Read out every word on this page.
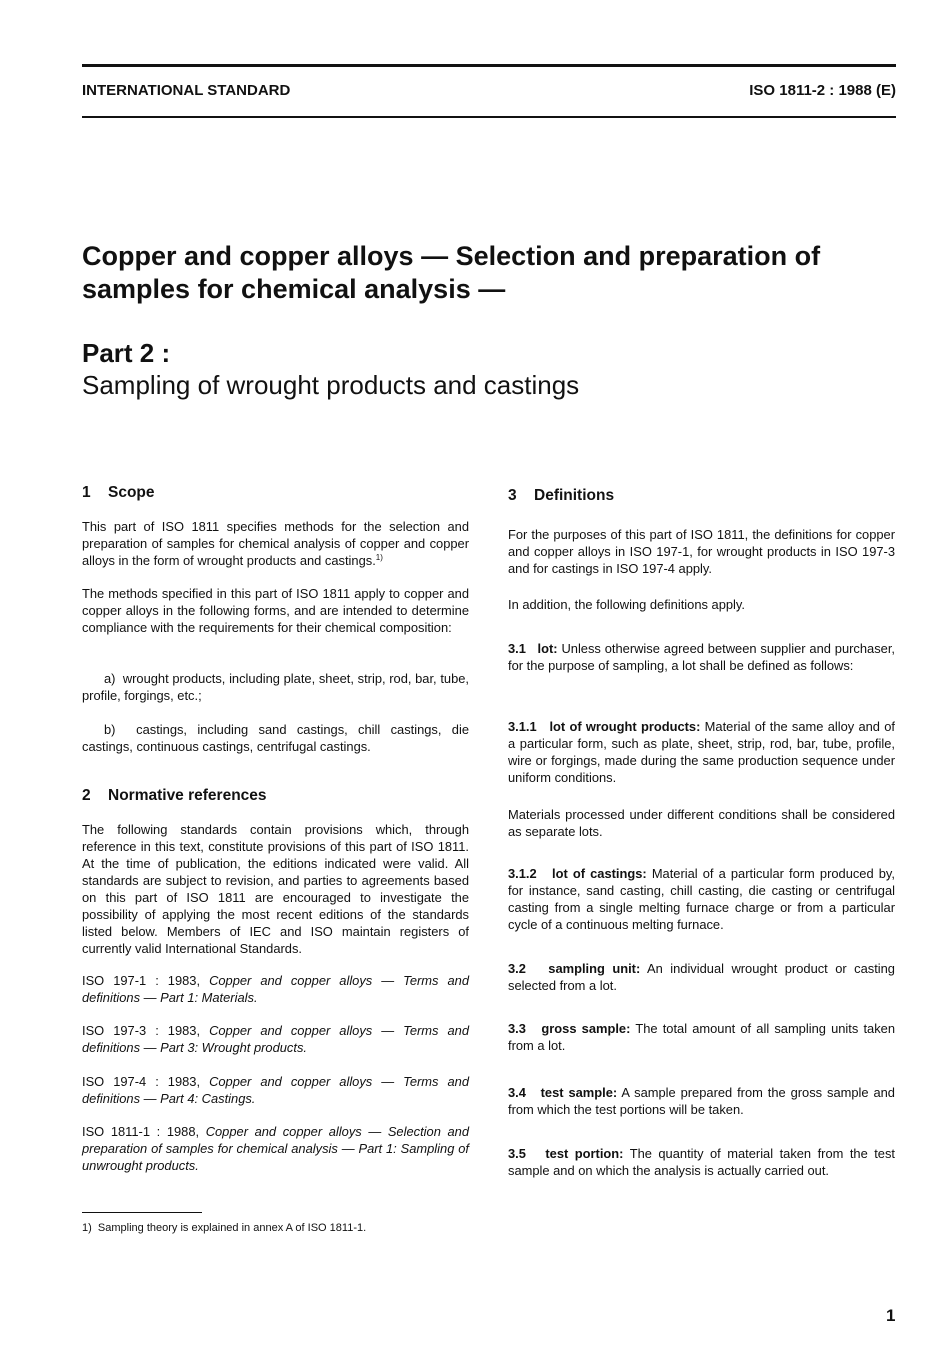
INTERNATIONAL STANDARD	ISO 1811-2 : 1988 (E)
Copper and copper alloys — Selection and preparation of samples for chemical analysis —
Part 2 :
Sampling of wrought products and castings
1 Scope
This part of ISO 1811 specifies methods for the selection and preparation of samples for chemical analysis of copper and copper alloys in the form of wrought products and castings.$^{1)}$
The methods specified in this part of ISO 1811 apply to copper and copper alloys in the following forms, and are intended to determine compliance with the requirements for their chemical composition:
a) wrought products, including plate, sheet, strip, rod, bar, tube, profile, forgings, etc.;
b) castings, including sand castings, chill castings, die castings, continuous castings, centrifugal castings.
2 Normative references
The following standards contain provisions which, through reference in this text, constitute provisions of this part of ISO 1811. At the time of publication, the editions indicated were valid. All standards are subject to revision, and parties to agreements based on this part of ISO 1811 are encouraged to investigate the possibility of applying the most recent editions of the standards listed below. Members of IEC and ISO maintain registers of currently valid International Standards.
ISO 197-1 : 1983, Copper and copper alloys — Terms and definitions — Part 1: Materials.
ISO 197-3 : 1983, Copper and copper alloys — Terms and definitions — Part 3: Wrought products.
ISO 197-4 : 1983, Copper and copper alloys — Terms and definitions — Part 4: Castings.
ISO 1811-1 : 1988, Copper and copper alloys — Selection and preparation of samples for chemical analysis — Part 1: Sampling of unwrought products.
3 Definitions
For the purposes of this part of ISO 1811, the definitions for copper and copper alloys in ISO 197-1, for wrought products in ISO 197-3 and for castings in ISO 197-4 apply.
In addition, the following definitions apply.
3.1 lot: Unless otherwise agreed between supplier and purchaser, for the purpose of sampling, a lot shall be defined as follows:
3.1.1 lot of wrought products: Material of the same alloy and of a particular form, such as plate, sheet, strip, rod, bar, tube, profile, wire or forgings, made during the same production sequence under uniform conditions.
Materials processed under different conditions shall be considered as separate lots.
3.1.2 lot of castings: Material of a particular form produced by, for instance, sand casting, chill casting, die casting or centrifugal casting from a single melting furnace charge or from a particular cycle of a continuous melting furnace.
3.2 sampling unit: An individual wrought product or casting selected from a lot.
3.3 gross sample: The total amount of all sampling units taken from a lot.
3.4 test sample: A sample prepared from the gross sample and from which the test portions will be taken.
3.5 test portion: The quantity of material taken from the test sample and on which the analysis is actually carried out.
1) Sampling theory is explained in annex A of ISO 1811-1.
1
